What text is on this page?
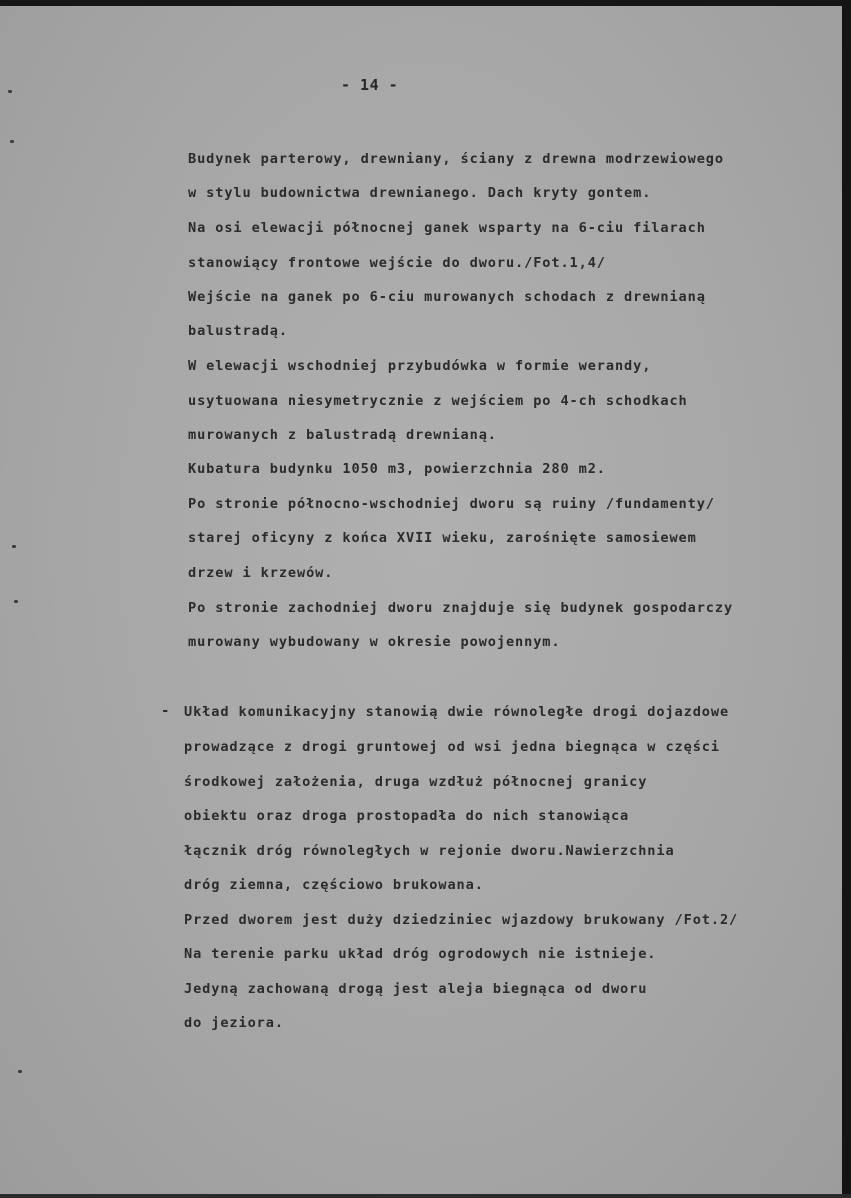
- 14 -
Budynek parterowy, drewniany, ściany z drewna modrzewiowego
w stylu budownictwa drewnianego. Dach kryty gontem.
Na osi elewacji północnej ganek wsparty na 6-ciu filarach
stanowiący frontowe wejście do dworu./Fot.1,4/
Wejście na ganek po 6-ciu murowanych schodach z drewnianą
balustradą.
W elewacji wschodniej przybudówka w formie werandy,
usytuowana niesymetrycznie z wejściem po 4-ch schodkach
murowanych z balustradą drewnianą.
Kubatura budynku 1050 m3, powierzchnia 280 m2.
Po stronie północno-wschodniej dworu są ruiny /fundamenty/
starej oficyny z końca XVII wieku, zarośnięte samosiewem
drzew i krzewów.
Po stronie zachodniej dworu znajduje się budynek gospodarczy
murowany wybudowany w okresie powojennym.
- Układ komunikacyjny stanowią dwie równoległe drogi dojazdowe
prowadzące z drogi gruntowej od wsi jedna biegnąca w części
środkowej założenia, druga wzdłuż północnej granicy
obiektu oraz droga prostopadła do nich stanowiąca
łącznik dróg równoległych w rejonie dworu.Nawierzchnia
dróg ziemna, częściowo brukowana.
Przed dworem jest duży dziedziniec wjazdowy brukowany /Fot.2/
Na terenie parku układ dróg ogrodowych nie istnieje.
Jedyną zachowaną drogą jest aleja biegnąca od dworu
do jeziora.
